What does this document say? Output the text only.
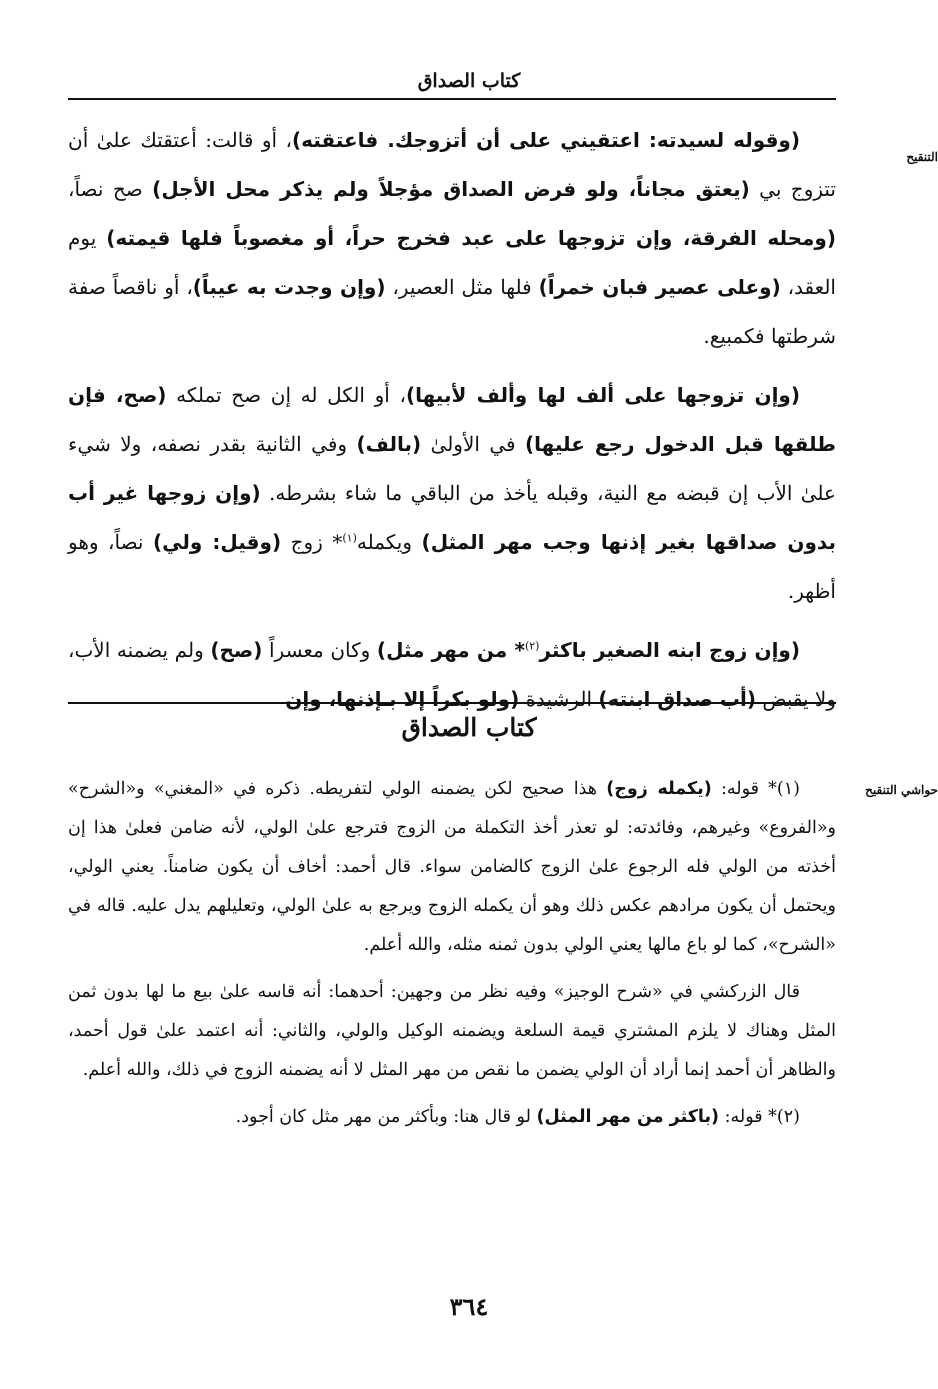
كتاب الصداق
التنقيح

(وقوله لسيدته: اعتقيني على أن أتزوجك. فاعتقته)، أو قالت: أعتقتك علىٰ أن تتزوج بي (يعتق مجاناً، ولو فرض الصداق مؤجلاً ولم يذكر محل الأجل) صح نصاً، (ومحله الفرقة، وإن تزوجها على عبد فخرج حراً، أو مغصوباً فلها قيمته) يوم العقد، (وعلى عصير فبان خمراً) فلها مثل العصير، (وإن وجدت به عيباً)، أو ناقصاً صفة شرطتها فكمبيع.

(وإن تزوجها على ألف لها وألف لأبيها)، أو الكل له إن صح تملكه (صح، فإن طلقها قبل الدخول رجع عليها) في الأولىٰ (بالف) وفي الثانية بقدر نصفه، ولا شيء علىٰ الأب إن قبضه مع النية، وقبله يأخذ من الباقي ما شاء بشرطه. (وإن زوجها غير أب بدون صداقها بغير إذنها وجب مهر المثل) ويكمله$^{(١)}$* زوج (وقيل: ولي) نصاً، وهو أظهر.

(وإن زوج ابنه الصغير باكثر$^{(٢)}$* من مهر مثل) وكان معسراً (صح) ولم يضمنه الأب، ولا يقبض (أب صداق ابنته) الرشيدة (ولو بكراً إلا بـإذنها، وإن

كتاب الصداق
حواشي التنقيح

(١)* قوله: (يكمله زوج) هذا صحيح لكن يضمنه الولي لتفريطه. ذكره في «المغني» و«الشرح» و«الفروع» وغيرهم، وفائدته: لو تعذر أخذ التكملة من الزوج فترجع علىٰ الولي، لأنه ضامن فعلىٰ هذا إن أخذته من الولي فله الرجوع علىٰ الزوج كالضامن سواء. قال أحمد: أخاف أن يكون ضامناً. يعني الولي، ويحتمل أن يكون مرادهم عكس ذلك وهو أن يكمله الزوج ويرجع به علىٰ الولي، وتعليلهم يدل عليه. قاله في «الشرح»، كما لو باع مالها يعني الولي بدون ثمنه مثله، والله أعلم.

قال الزركشي في «شرح الوجيز» وفيه نظر من وجهين: أحدهما: أنه قاسه علىٰ بيع ما لها بدون ثمن المثل وهناك لا يلزم المشتري قيمة السلعة ويضمنه الوكيل والولي، والثاني: أنه اعتمد علىٰ قول أحمد، والظاهر أن أحمد إنما أراد أن الولي يضمن ما نقص من مهر المثل لا أنه يضمنه الزوج في ذلك، والله أعلم.

(٢)* قوله: (باكثر من مهر المثل) لو قال هنا: وبأكثر من مهر مثل كان أجود.

٣٦٤
